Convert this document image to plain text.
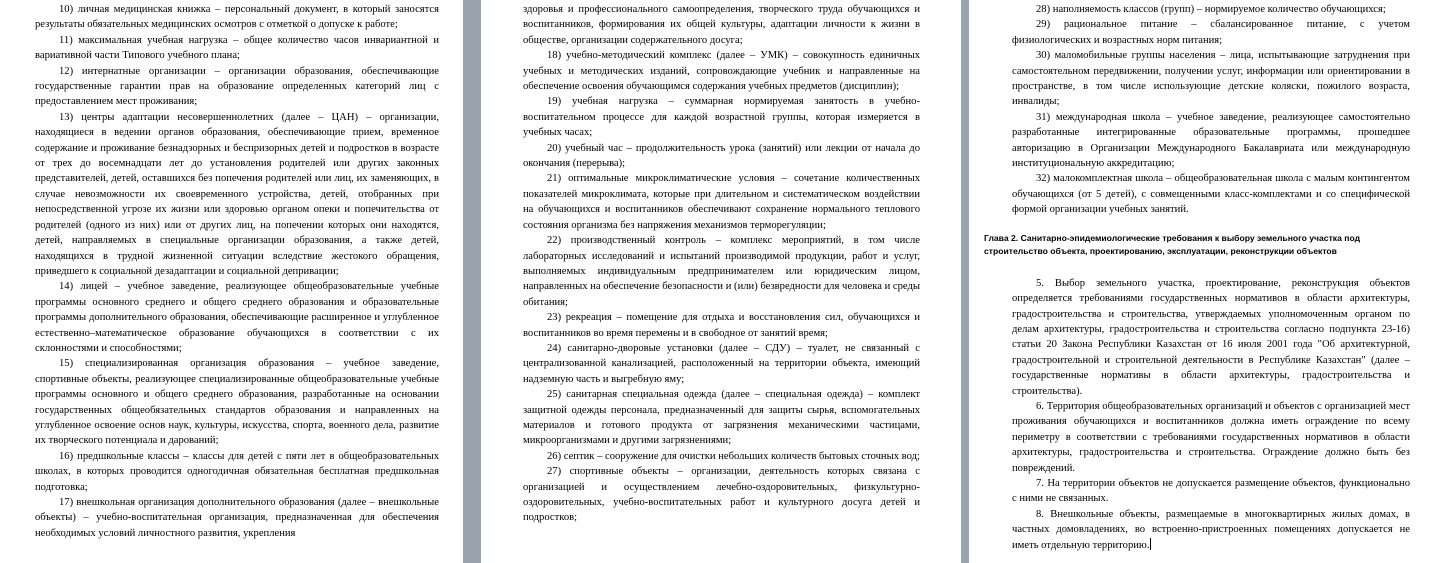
10) личная медицинская книжка – персональный документ, в который заносятся результаты обязательных медицинских осмотров с отметкой о допуске к работе;

11) максимальная учебная нагрузка – общее количество часов инвариантной и вариативной части Типового учебного плана;

12) интернатные организации – организации образования, обеспечивающие государственные гарантии прав на образование определенных категорий лиц с предоставлением мест проживания;

13) центры адаптации несовершеннолетних (далее – ЦАН) – организации, находящиеся в ведении органов образования, обеспечивающие прием, временное содержание и проживание безнадзорных и беспризорных детей и подростков в возрасте от трех до восемнадцати лет до установления родителей или других законных представителей, детей, оставшихся без попечения родителей или лиц, их заменяющих, в случае невозможности их своевременного устройства, детей, отобранных при непосредственной угрозе их жизни или здоровью органом опеки и попечительства от родителей (одного из них) или от других лиц, на попечении которых они находятся, детей, направляемых в специальные организации образования, а также детей, находящихся в трудной жизненной ситуации вследствие жестокого обращения, приведшего к социальной дезадаптации и социальной депривации;

14) лицей – учебное заведение, реализующее общеобразовательные учебные программы основного среднего и общего среднего образования и образовательные программы дополнительного образования, обеспечивающие расширенное и углубленное естественно–математическое образование обучающихся в соответствии с их склонностями и способностями;

15) специализированная организация образования – учебное заведение, спортивные объекты, реализующее специализированные общеобразовательные учебные программы основного и общего среднего образования, разработанные на основании государственных общеобязательных стандартов образования и направленных на углубленное освоение основ наук, культуры, искусства, спорта, военного дела, развитие их творческого потенциала и дарований;

16) предшкольные классы – классы для детей с пяти лет в общеобразовательных школах, в которых проводится одногодичная обязательная бесплатная предшкольная подготовка;

17) внешкольная организация дополнительного образования (далее – внешкольные объекты) – учебно-воспитательная организация, предназначенная для обеспечения необходимых условий личностного развития, укрепления

здоровья и профессионального самоопределения, творческого труда обучающихся и воспитанников, формирования их общей культуры, адаптации личности к жизни в обществе, организации содержательного досуга;

18) учебно-методический комплекс (далее – УМК) – совокупность единичных учебных и методических изданий, сопровождающие учебник и направленные на обеспечение освоения обучающимся содержания учебных предметов (дисциплин);

19) учебная нагрузка – суммарная нормируемая занятость в учебно-воспитательном процессе для каждой возрастной группы, которая измеряется в учебных часах;

20) учебный час – продолжительность урока (занятий) или лекции от начала до окончания (перерыва);

21) оптимальные микроклиматические условия – сочетание количественных показателей микроклимата, которые при длительном и систематическом воздействии на обучающихся и воспитанников обеспечивают сохранение нормального теплового состояния организма без напряжения механизмов терморегуляции;

22) производственный контроль – комплекс мероприятий, в том числе лабораторных исследований и испытаний производимой продукции, работ и услуг, выполняемых индивидуальным предпринимателем или юридическим лицом, направленных на обеспечение безопасности и (или) безвредности для человека и среды обитания;

23) рекреация – помещение для отдыха и восстановления сил, обучающихся и воспитанников во время перемены и в свободное от занятий время;

24) санитарно-дворовые установки (далее – СДУ) – туалет, не связанный с централизованной канализацией, расположенный на территории объекта, имеющий надземную часть и выгребную яму;

25) санитарная специальная одежда (далее – специальная одежда) – комплект защитной одежды персонала, предназначенный для защиты сырья, вспомогательных материалов и готового продукта от загрязнения механическими частицами, микроорганизмами и другими загрязнениями;

26) септик – сооружение для очистки небольших количеств бытовых сточных вод;

27) спортивные объекты – организации, деятельность которых связана с организацией и осуществлением лечебно-оздоровительных, физкультурно-оздоровительных, учебно-воспитательных работ и культурного досуга детей и подростков;

28) наполняемость классов (групп) – нормируемое количество обучающихся;

29) рациональное питание – сбалансированное питание, с учетом физиологических и возрастных норм питания;

30) маломобильные группы населения – лица, испытывающие затруднения при самостоятельном передвижении, получении услуг, информации или ориентировании в пространстве, в том числе использующие детские коляски, пожилого возраста, инвалиды;

31) международная школа – учебное заведение, реализующее самостоятельно разработанные интегрированные образовательные программы, прошедшее авторизацию в Организации Международного Бакалавриата или международную институциональную аккредитацию;

32) малокомплектная школа – общеобразовательная школа с малым контингентом обучающихся (от 5 детей), с совмещенными класс-комплектами и со специфической формой организации учебных занятий.

Глава 2. Санитарно-эпидемиологические требования к выбору земельного участка под строительство объекта, проектированию, эксплуатации, реконструкции объектов

5. Выбор земельного участка, проектирование, реконструкция объектов определяется требованиями государственных нормативов в области архитектуры, градостроительства и строительства, утверждаемых уполномоченным органом по делам архитектуры, градостроительства и строительства согласно подпункта 23-16) статьи 20 Закона Республики Казахстан от 16 июля 2001 года "Об архитектурной, градостроительной и строительной деятельности в Республике Казахстан" (далее – государственные нормативы в области архитектуры, градостроительства и строительства).

6. Территория общеобразовательных организаций и объектов с организацией мест проживания обучающихся и воспитанников должна иметь ограждение по всему периметру в соответствии с требованиями государственных нормативов в области архитектуры, градостроительства и строительства. Ограждение должно быть без повреждений.

7. На территории объектов не допускается размещение объектов, функционально с ними не связанных.

8. Внешкольные объекты, размещаемые в многоквартирных жилых домах, в частных домовладениях, во встроенно-пристроенных помещениях допускается не иметь отдельную территорию.
